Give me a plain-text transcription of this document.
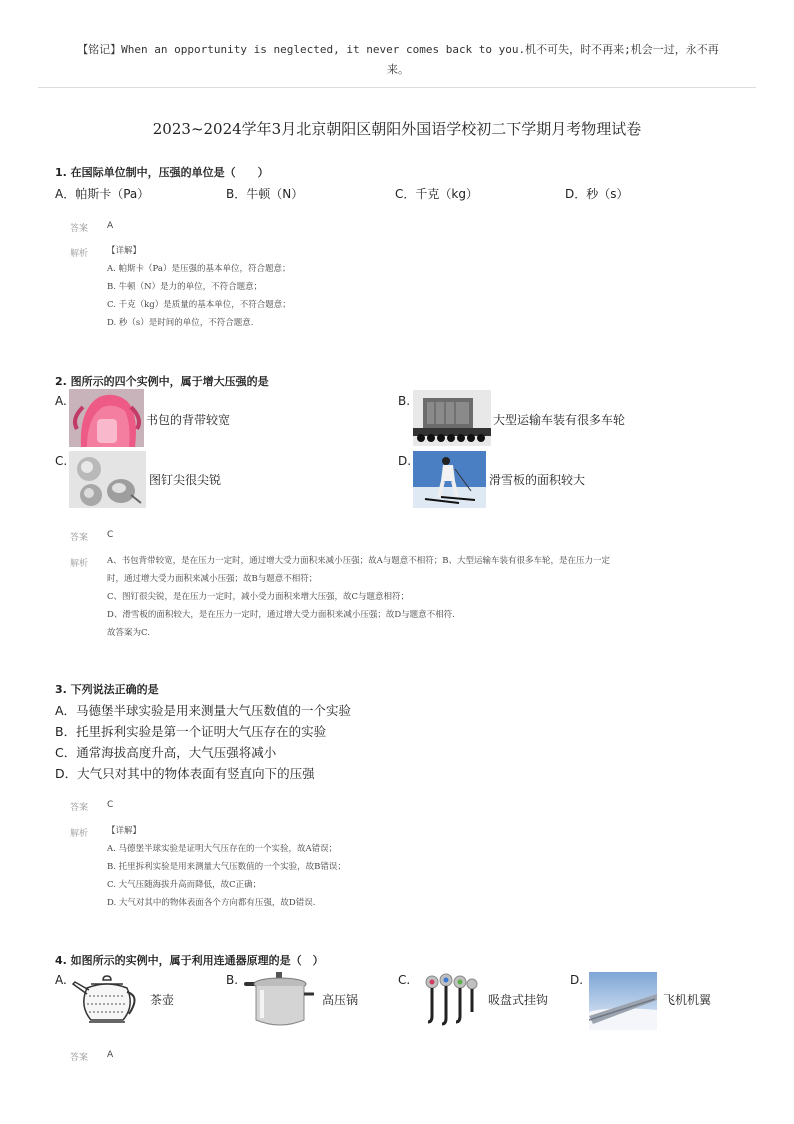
【铭记】When an opportunity is neglected, it never comes back to you.机不可失，时不再来;机会一过，永不再
来。
2023~2024学年3月北京朝阳区朝阳外国语学校初二下学期月考物理试卷
1. 在国际单位制中，压强的单位是（　　）
A．帕斯卡（Pa）	B．牛顿（N）	C．千克（kg）	D．秒（s）
答案 A
解析 【详解】
A. 帕斯卡（Pa）是压强的基本单位，符合题意；
B. 牛顿（N）是力的单位，不符合题意；
C. 千克（kg）是质量的基本单位，不符合题意；
D. 秒（s）是时间的单位，不符合题意.
2. 图所示的四个实例中，属于增大压强的是
A.
书包的背带较宽
B.
大型运输车装有很多车轮
C.
图钉尖很尖锐
D.
滑雪板的面积较大
答案 C
解析 A、书包背带较宽，是在压力一定时，通过增大受力面积来减小压强；故A与题意不相符；B、大型运输车装有很多车轮，是在压力一定
时，通过增大受力面积来减小压强；故B与题意不相符；
C、图钉很尖锐，是在压力一定时，减小受力面积来增大压强，故C与题意相符；
D、滑雪板的面积较大，是在压力一定时，通过增大受力面积来减小压强；故D与题意不相符.
故答案为C.
3. 下列说法正确的是
A．马德堡半球实验是用来测量大气压数值的一个实验
B．托里拆利实验是第一个证明大气压存在的实验
C．通常海拔高度升高，大气压强将减小
D．大气只对其中的物体表面有竖直向下的压强
答案 C
解析 【详解】
A. 马德堡半球实验是证明大气压存在的一个实验，故A错误；
B. 托里拆利实验是用来测量大气压数值的一个实验，故B错误；
C. 大气压随海拔升高而降低，故C正确；
D. 大气对其中的物体表面各个方向都有压强，故D错误.
4. 如图所示的实例中，属于利用连通器原理的是（　）
A.
茶壶
B.
高压锅
C.
吸盘式挂钩
D.
飞机机翼
答案 A
